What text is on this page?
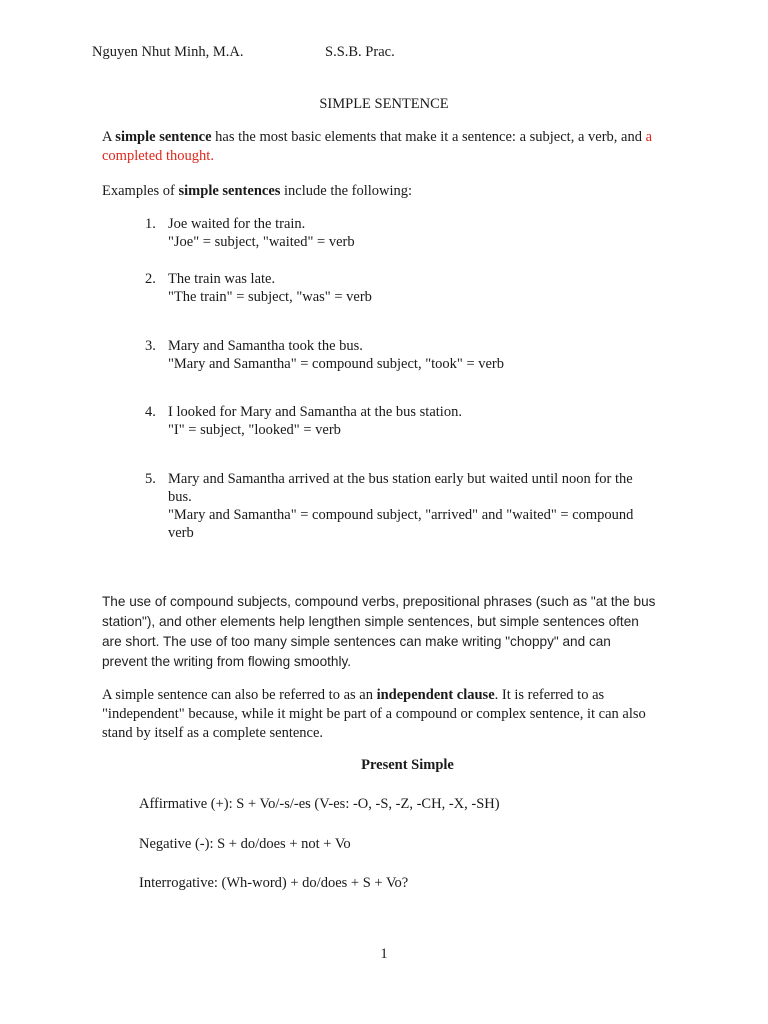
Nguyen Nhut Minh, M.A.	S.S.B. Prac.
SIMPLE SENTENCE
A simple sentence has the most basic elements that make it a sentence: a subject, a verb, and a completed thought.
Examples of simple sentences include the following:
1. Joe waited for the train.
"Joe" = subject, "waited" = verb
2. The train was late.
"The train" = subject, "was" = verb
3. Mary and Samantha took the bus.
"Mary and Samantha" = compound subject, "took" = verb
4. I looked for Mary and Samantha at the bus station.
"I" = subject, "looked" = verb
5. Mary and Samantha arrived at the bus station early but waited until noon for the bus.
"Mary and Samantha" = compound subject, "arrived" and "waited" = compound verb
The use of compound subjects, compound verbs, prepositional phrases (such as "at the bus station"), and other elements help lengthen simple sentences, but simple sentences often are short. The use of too many simple sentences can make writing "choppy" and can prevent the writing from flowing smoothly.
A simple sentence can also be referred to as an independent clause. It is referred to as "independent" because, while it might be part of a compound or complex sentence, it can also stand by itself as a complete sentence.
Present Simple
Affirmative (+): S + Vo/-s/-es (V-es: -O, -S, -Z, -CH, -X, -SH)
Negative (-): S + do/does + not + Vo
Interrogative: (Wh-word) + do/does + S + Vo?
1
